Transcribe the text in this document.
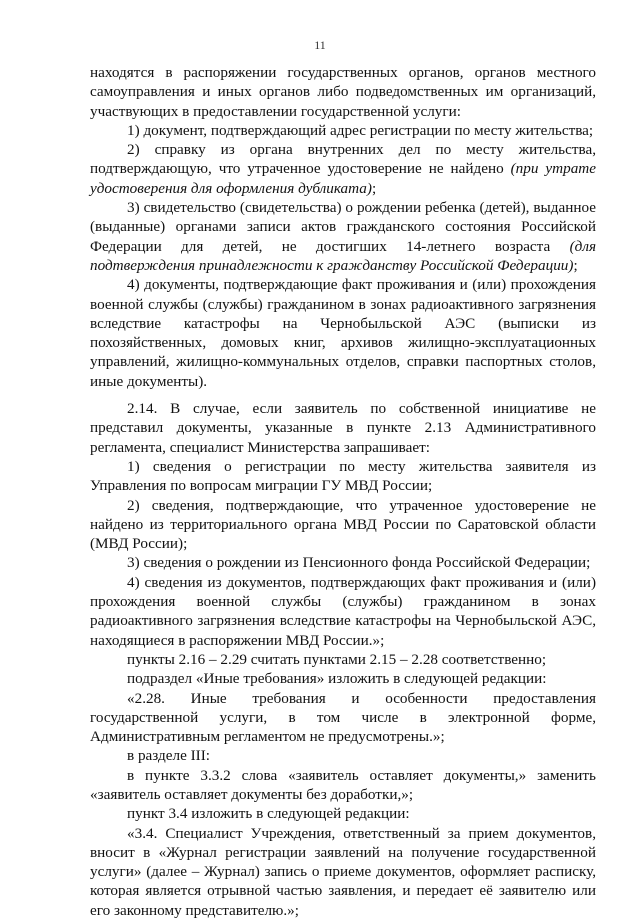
11

находятся в распоряжении государственных органов, органов местного самоуправления и иных органов либо подведомственных им организаций, участвующих в предоставлении государственной услуги:

1) документ, подтверждающий адрес регистрации по месту жительства;

2) справку из органа внутренних дел по месту жительства, подтверждающую, что утраченное удостоверение не найдено (при утрате удостоверения для оформления дубликата);

3) свидетельство (свидетельства) о рождении ребенка (детей), выданное (выданные) органами записи актов гражданского состояния Российской Федерации для детей, не достигших 14-летнего возраста (для подтверждения принадлежности к гражданству Российской Федерации);

4) документы, подтверждающие факт проживания и (или) прохождения военной службы (службы) гражданином в зонах радиоактивного загрязнения вследствие катастрофы на Чернобыльской АЭС (выписки из похозяйственных, домовых книг, архивов жилищно-эксплуатационных управлений, жилищно-коммунальных отделов, справки паспортных столов, иные документы).

2.14. В случае, если заявитель по собственной инициативе не представил документы, указанные в пункте 2.13 Административного регламента, специалист Министерства запрашивает:

1) сведения о регистрации по месту жительства заявителя из Управления по вопросам миграции ГУ МВД России;

2) сведения, подтверждающие, что утраченное удостоверение не найдено из территориального органа МВД России по Саратовской области (МВД России);

3) сведения о рождении из Пенсионного фонда Российской Федерации;

4) сведения из документов, подтверждающих факт проживания и (или) прохождения военной службы (службы) гражданином в зонах радиоактивного загрязнения вследствие катастрофы на Чернобыльской АЭС, находящиеся в распоряжении МВД России.»;

пункты 2.16 – 2.29 считать пунктами 2.15 – 2.28 соответственно;

подраздел «Иные требования» изложить в следующей редакции:

«2.28. Иные требования и особенности предоставления государственной услуги, в том числе в электронной форме, Административным регламентом не предусмотрены.»;

в разделе III:

в пункте 3.3.2 слова «заявитель оставляет документы,» заменить «заявитель оставляет документы без доработки,»;

пункт 3.4 изложить в следующей редакции:

«3.4. Специалист Учреждения, ответственный за прием документов, вносит в «Журнал регистрации заявлений на получение государственной услуги» (далее – Журнал) запись о приеме документов, оформляет расписку, которая является отрывной частью заявления, и передает её заявителю или его законному представителю.»;
